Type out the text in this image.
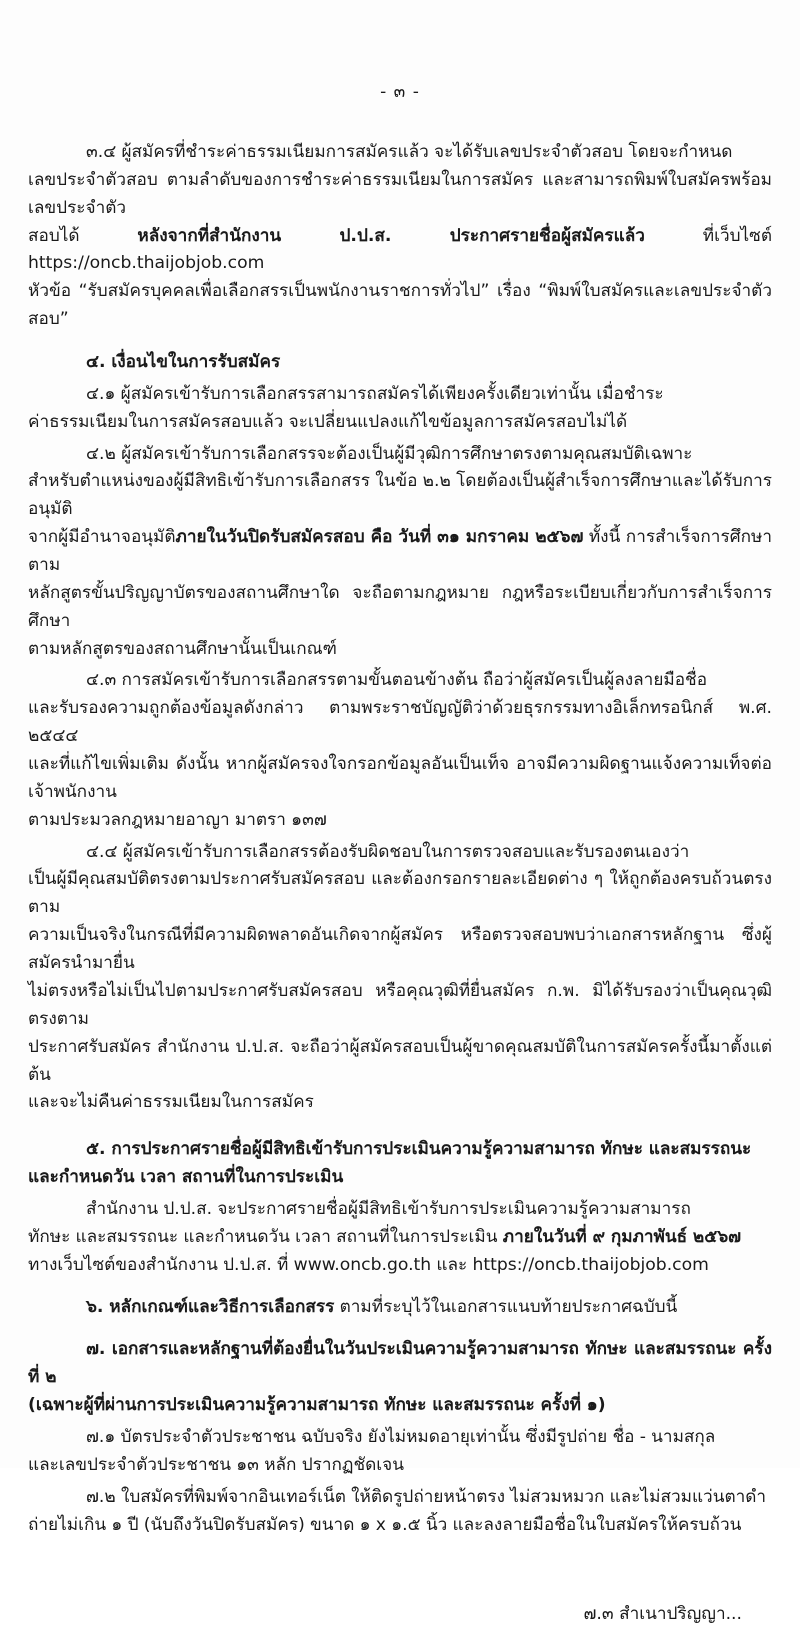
- ๓ -

๓.๔ ผู้สมัครที่ชำระค่าธรรมเนียมการสมัครแล้ว จะได้รับเลขประจำตัวสอบ โดยจะกำหนด

เลขประจำตัวสอบ ตามลำดับของการชำระค่าธรรมเนียมในการสมัคร และสามารถพิมพ์ใบสมัครพร้อมเลขประจำตัว

สอบได้ หลังจากที่สำนักงาน ป.ป.ส. ประกาศรายชื่อผู้สมัครแล้ว ที่เว็บไซต์ https://oncb.thaijobjob.com

หัวข้อ “รับสมัครบุคคลเพื่อเลือกสรรเป็นพนักงานราชการทั่วไป” เรื่อง “พิมพ์ใบสมัครและเลขประจำตัวสอบ”

๔. เงื่อนไขในการรับสมัคร

๔.๑ ผู้สมัครเข้ารับการเลือกสรรสามารถสมัครได้เพียงครั้งเดียวเท่านั้น เมื่อชำระ

ค่าธรรมเนียมในการสมัครสอบแล้ว จะเปลี่ยนแปลงแก้ไขข้อมูลการสมัครสอบไม่ได้

๔.๒ ผู้สมัครเข้ารับการเลือกสรรจะต้องเป็นผู้มีวุฒิการศึกษาตรงตามคุณสมบัติเฉพาะ

สำหรับตำแหน่งของผู้มีสิทธิเข้ารับการเลือกสรร ในข้อ ๒.๒ โดยต้องเป็นผู้สำเร็จการศึกษาและได้รับการอนุมัติ

จากผู้มีอำนาจอนุมัติภายในวันปิดรับสมัครสอบ คือ วันที่ ๓๑ มกราคม ๒๕๖๗ ทั้งนี้ การสำเร็จการศึกษาตาม

หลักสูตรขั้นปริญญาบัตรของสถานศึกษาใด จะถือตามกฎหมาย กฎหรือระเบียบเกี่ยวกับการสำเร็จการศึกษา

ตามหลักสูตรของสถานศึกษานั้นเป็นเกณฑ์

๔.๓ การสมัครเข้ารับการเลือกสรรตามขั้นตอนข้างต้น ถือว่าผู้สมัครเป็นผู้ลงลายมือชื่อ

และรับรองความถูกต้องข้อมูลดังกล่าว ตามพระราชบัญญัติว่าด้วยธุรกรรมทางอิเล็กทรอนิกส์ พ.ศ. ๒๕๔๔

และที่แก้ไขเพิ่มเติม ดังนั้น หากผู้สมัครจงใจกรอกข้อมูลอันเป็นเท็จ อาจมีความผิดฐานแจ้งความเท็จต่อเจ้าพนักงาน

ตามประมวลกฎหมายอาญา มาตรา ๑๓๗

๔.๔ ผู้สมัครเข้ารับการเลือกสรรต้องรับผิดชอบในการตรวจสอบและรับรองตนเองว่า

เป็นผู้มีคุณสมบัติตรงตามประกาศรับสมัครสอบ และต้องกรอกรายละเอียดต่าง ๆ ให้ถูกต้องครบถ้วนตรงตาม

ความเป็นจริงในกรณีที่มีความผิดพลาดอันเกิดจากผู้สมัคร หรือตรวจสอบพบว่าเอกสารหลักฐาน ซึ่งผู้สมัครนำมายื่น

ไม่ตรงหรือไม่เป็นไปตามประกาศรับสมัครสอบ หรือคุณวุฒิที่ยื่นสมัคร ก.พ. มิได้รับรองว่าเป็นคุณวุฒิตรงตาม

ประกาศรับสมัคร สำนักงาน ป.ป.ส. จะถือว่าผู้สมัครสอบเป็นผู้ขาดคุณสมบัติในการสมัครครั้งนี้มาตั้งแต่ต้น

และจะไม่คืนค่าธรรมเนียมในการสมัคร

๕. การประกาศรายชื่อผู้มีสิทธิเข้ารับการประเมินความรู้ความสามารถ ทักษะ และสมรรถนะ

และกำหนดวัน เวลา สถานที่ในการประเมิน

สำนักงาน ป.ป.ส. จะประกาศรายชื่อผู้มีสิทธิเข้ารับการประเมินความรู้ความสามารถ

ทักษะ และสมรรถนะ และกำหนดวัน เวลา สถานที่ในการประเมิน ภายในวันที่ ๙ กุมภาพันธ์ ๒๕๖๗

ทางเว็บไซต์ของสำนักงาน ป.ป.ส. ที่ www.oncb.go.th และ https://oncb.thaijobjob.com

๖. หลักเกณฑ์และวิธีการเลือกสรร ตามที่ระบุไว้ในเอกสารแนบท้ายประกาศฉบับนี้

๗. เอกสารและหลักฐานที่ต้องยื่นในวันประเมินความรู้ความสามารถ ทักษะ และสมรรถนะ ครั้งที่ ๒

(เฉพาะผู้ที่ผ่านการประเมินความรู้ความสามารถ ทักษะ และสมรรถนะ ครั้งที่ ๑)

๗.๑ บัตรประจำตัวประชาชน ฉบับจริง ยังไม่หมดอายุเท่านั้น ซึ่งมีรูปถ่าย ชื่อ - นามสกุล

และเลขประจำตัวประชาชน ๑๓ หลัก ปรากฏชัดเจน

๗.๒ ใบสมัครที่พิมพ์จากอินเทอร์เน็ต ให้ติดรูปถ่ายหน้าตรง ไม่สวมหมวก และไม่สวมแว่นตาดำ

ถ่ายไม่เกิน ๑ ปี (นับถึงวันปิดรับสมัคร) ขนาด ๑ x ๑.๕ นิ้ว และลงลายมือชื่อในใบสมัครให้ครบถ้วน

๗.๓ สำเนาปริญญา...
